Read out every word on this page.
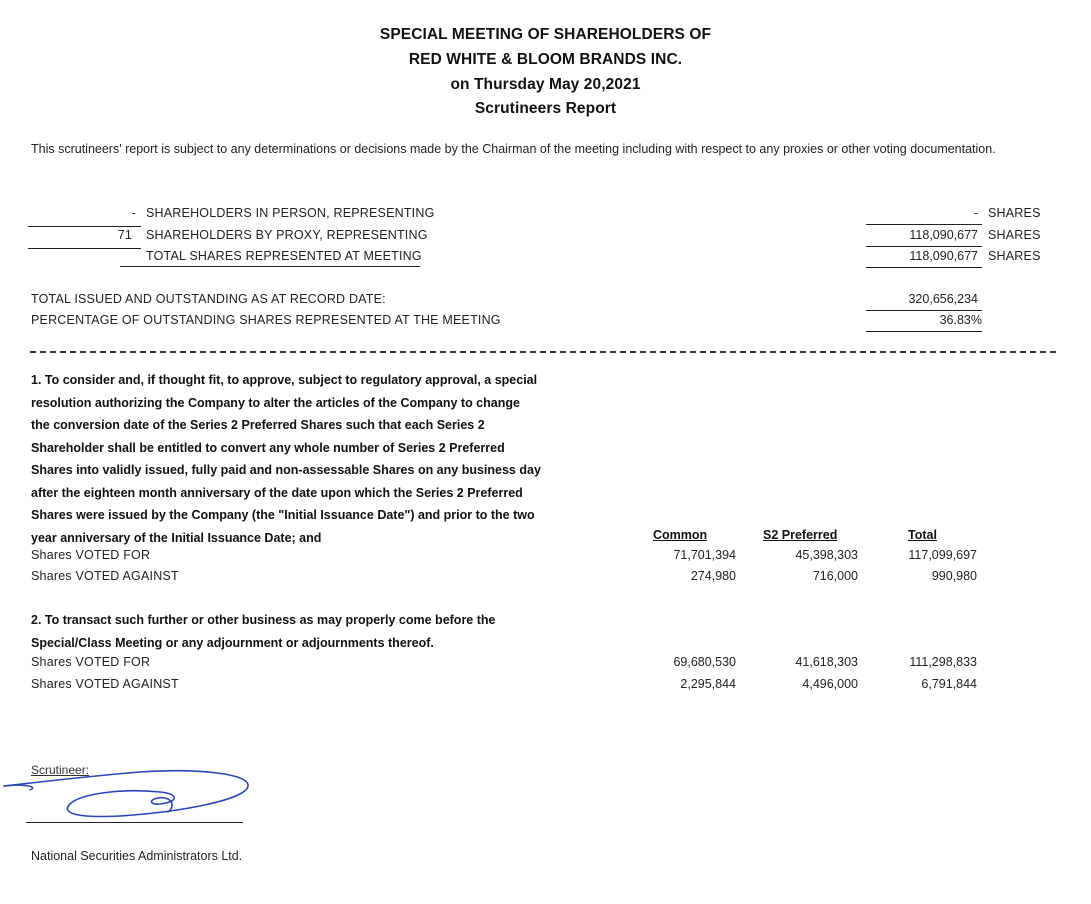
SPECIAL MEETING OF SHAREHOLDERS OF
RED WHITE & BLOOM BRANDS INC.
on Thursday May 20,2021
Scrutineers Report
This scrutineers' report is subject to any determinations or decisions made by the Chairman of the meeting including with respect to any proxies or other voting documentation.
- SHAREHOLDERS IN PERSON, REPRESENTING	- SHARES
71 SHAREHOLDERS BY PROXY, REPRESENTING	118,090,677 SHARES
TOTAL SHARES REPRESENTED AT MEETING	118,090,677 SHARES
TOTAL ISSUED AND OUTSTANDING AS AT RECORD DATE:	320,656,234
PERCENTAGE OF OUTSTANDING SHARES REPRESENTED AT THE MEETING	36.83%
1. To consider and, if thought fit, to approve, subject to regulatory approval, a special
resolution authorizing the Company to alter the articles of the Company to change
the conversion date of the Series 2 Preferred Shares such that each Series 2
Shareholder shall be entitled to convert any whole number of Series 2 Preferred
Shares into validly issued, fully paid and non-assessable Shares on any business day
after the eighteen month anniversary of the date upon which the Series 2 Preferred
Shares were issued by the Company (the "Initial Issuance Date") and prior to the two
year anniversary of the Initial Issuance Date; and	Common	S2 Preferred	Total
Shares VOTED FOR	71,701,394	45,398,303	117,099,697
Shares VOTED AGAINST	274,980	716,000	990,980
2. To transact such further or other business as may properly come before the
Special/Class Meeting or any adjournment or adjournments thereof.
Shares VOTED FOR	69,680,530	41,618,303	111,298,833
Shares VOTED AGAINST	2,295,844	4,496,000	6,791,844
Scrutineer:
National Securities Administrators Ltd.
